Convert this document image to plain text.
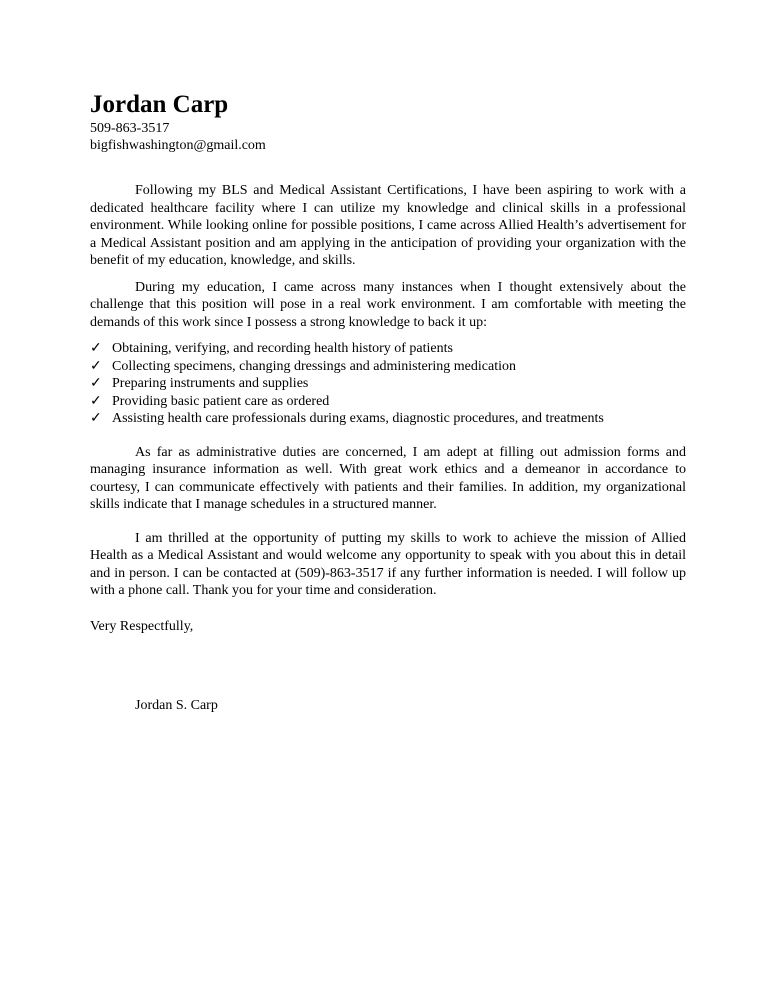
Jordan Carp
509-863-3517
bigfishwashington@gmail.com

Following my BLS and Medical Assistant Certifications, I have been aspiring to work with a dedicated healthcare facility where I can utilize my knowledge and clinical skills in a professional environment. While looking online for possible positions, I came across Allied Health’s advertisement for a Medical Assistant position and am applying in the anticipation of providing your organization with the benefit of my education, knowledge, and skills.

During my education, I came across many instances when I thought extensively about the challenge that this position will pose in a real work environment. I am comfortable with meeting the demands of this work since I possess a strong knowledge to back it up:

✓ Obtaining, verifying, and recording health history of patients
✓ Collecting specimens, changing dressings and administering medication
✓ Preparing instruments and supplies
✓ Providing basic patient care as ordered
✓ Assisting health care professionals during exams, diagnostic procedures, and treatments

As far as administrative duties are concerned, I am adept at filling out admission forms and managing insurance information as well. With great work ethics and a demeanor in accordance to courtesy, I can communicate effectively with patients and their families. In addition, my organizational skills indicate that I manage schedules in a structured manner.

I am thrilled at the opportunity of putting my skills to work to achieve the mission of Allied Health as a Medical Assistant and would welcome any opportunity to speak with you about this in detail and in person. I can be contacted at (509)-863-3517 if any further information is needed. I will follow up with a phone call. Thank you for your time and consideration.

Very Respectfully,
Jordan S. Carp
